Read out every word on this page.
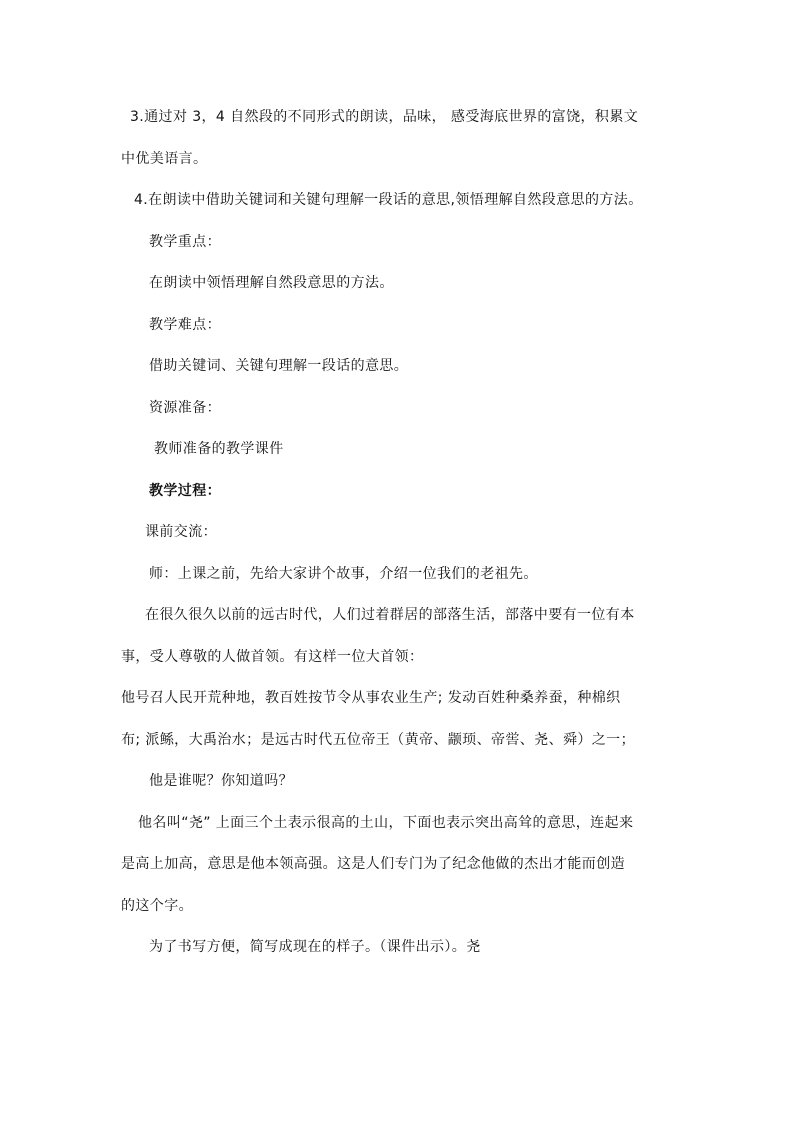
3.通过对 3，4 自然段的不同形式的朗读，品味， 感受海底世界的富饶，积累文
中优美语言。
4.在朗读中借助关键词和关键句理解一段话的意思,领悟理解自然段意思的方法。
教学重点：
在朗读中领悟理解自然段意思的方法。
教学难点：
借助关键词、关键句理解一段话的意思。
资源准备：
教师准备的教学课件
教学过程：
课前交流：
师：上课之前，先给大家讲个故事，介绍一位我们的老祖先。
在很久很久以前的远古时代，人们过着群居的部落生活，部落中要有一位有本
事，受人尊敬的人做首领。有这样一位大首领：
他号召人民开荒种地，教百姓按节令从事农业生产; 发动百姓种桑养蚕，种棉织
布; 派鲧，大禹治水；是远古时代五位帝王（黄帝、颛顼、帝喾、尧、舜）之一；
他是谁呢？你知道吗？
他名叫“尧” 上面三个土表示很高的土山，下面也表示突出高耸的意思，连起来
是高上加高，意思是他本领高强。这是人们专门为了纪念他做的杰出才能而创造
的这个字。
为了书写方便，简写成现在的样子。（课件出示）。尧
